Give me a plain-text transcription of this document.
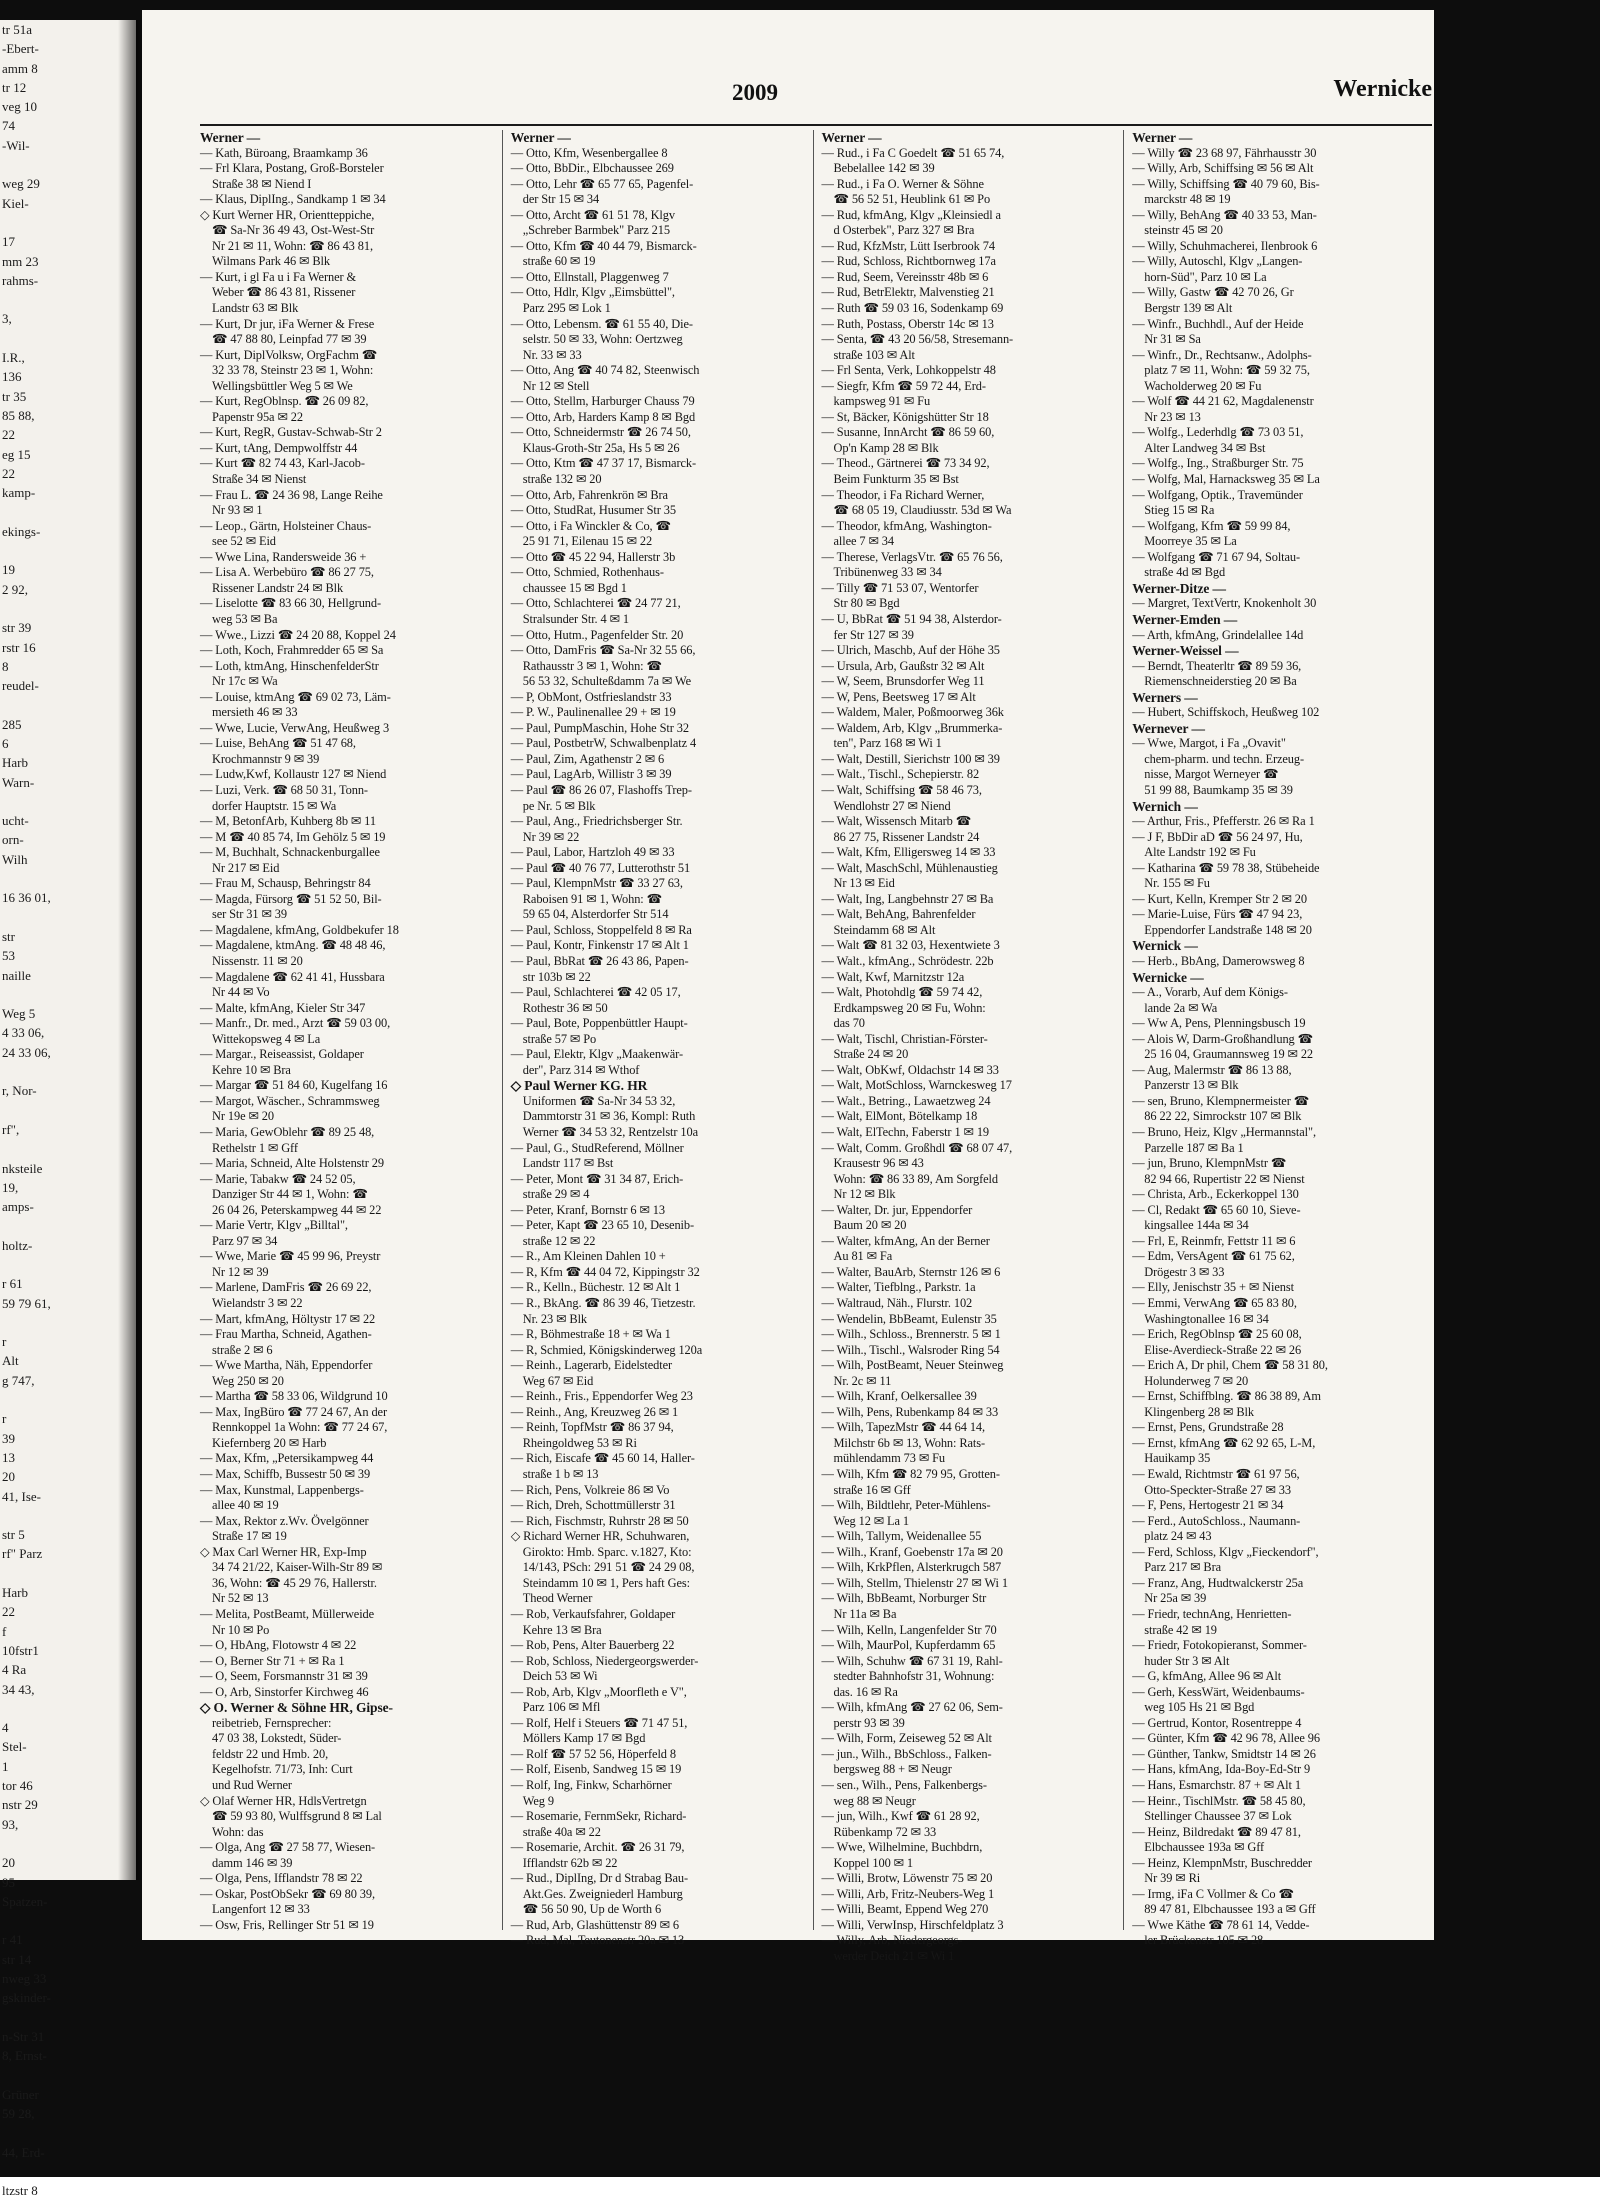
tr 51a
-Ebert-
amm 8
tr 12
veg 10
74
-Wil-

weg 29
Kiel-

17
mm 23
rahms-

3,

I.R.,
136
tr 35
85 88,
22
eg 15
22
kamp-

ekings-

19
2 92,

str 39
rstr 16
8
reudel-

285
6
Harb
Warn-

ucht-
orn-
Wilh

16 36 01,

str
53
naille

Weg 5
4 33 06,
24 33 06,

r, Nor-

rf",

nksteile
19,
amps-

holtz-

r 61
59 79 61,

r
Alt
g 747,

r
39
13
20
41, Ise-

str 5
rf" Parz

Harb
22
f
10fstr1
4 Ra
34 43,

4
Stel-
1
tor 46
nstr 29
93,

20
95
Spatzen-

r 41
str 14
nweg 33
gskinder-

n-Str 31
8, Ernst-

Grüner
59 28,

44, Erd-

ltzstr 8
2009	Wernicke
Werner —
— Kath, Büroang, Braamkamp 36
— Frl Klara, Postang, Groß-Borsteler
Straße 38 ✉ Niend I
— Klaus, DiplIng., Sandkamp 1 ✉ 34
◇ Kurt Werner HR, Orientteppiche,
☎ Sa-Nr 36 49 43, Ost-West-Str
Nr 21 ✉ 11, Wohn: ☎ 86 43 81,
Wilmans Park 46 ✉ Blk
— Kurt, i gl Fa u i Fa Werner &
Weber ☎ 86 43 81, Rissener
Landstr 63 ✉ Blk
— Kurt, Dr jur, iFa Werner & Frese
☎ 47 88 80, Leinpfad 77 ✉ 39
— Kurt, DiplVolksw, OrgFachm ☎
32 33 78, Steinstr 23 ✉ 1, Wohn:
Wellingsbüttler Weg 5 ✉ We
— Kurt, RegOblnsp. ☎ 26 09 82,
Papenstr 95a ✉ 22
— Kurt, RegR, Gustav-Schwab-Str 2
— Kurt, tAng, Dempwolffstr 44
— Kurt ☎ 82 74 43, Karl-Jacob-
Straße 34 ✉ Nienst
— Frau L. ☎ 24 36 98, Lange Reihe
Nr 93 ✉ 1
— Leop., Gärtn, Holsteiner Chaus-
see 52 ✉ Eid
— Wwe Lina, Randersweide 36 +
— Lisa A. Werbebüro ☎ 86 27 75,
Rissener Landstr 24 ✉ Blk
— Liselotte ☎ 83 66 30, Hellgrund-
weg 53 ✉ Ba
— Wwe., Lizzi ☎ 24 20 88, Koppel 24
— Loth, Koch, Frahmredder 65 ✉ Sa
— Loth, ktmAng, HinschenfelderStr
Nr 17c ✉ Wa
— Louise, ktmAng ☎ 69 02 73, Läm-
mersieth 46 ✉ 33
— Wwe, Lucie, VerwAng, Heußweg 3
— Luise, BehAng ☎ 51 47 68,
Krochmannstr 9 ✉ 39
— Ludw,Kwf, Kollaustr 127 ✉ Niend
— Luzi, Verk. ☎ 68 50 31, Tonn-
dorfer Hauptstr. 15 ✉ Wa
— M, BetonfArb, Kuhberg 8b ✉ 11
— M ☎ 40 85 74, Im Gehölz 5 ✉ 19
— M, Buchhalt, Schnackenburgallee
Nr 217 ✉ Eid
— Frau M, Schausp, Behringstr 84
— Magda, Fürsorg ☎ 51 52 50, Bil-
ser Str 31 ✉ 39
— Magdalene, kfmAng, Goldbekufer 18
— Magdalene, ktmAng. ☎ 48 48 46,
Nissenstr. 11 ✉ 20
— Magdalene ☎ 62 41 41, Hussbara
Nr 44 ✉ Vo
— Malte, kfmAng, Kieler Str 347
— Manfr., Dr. med., Arzt ☎ 59 03 00,
Wittekopsweg 4 ✉ La
— Margar., Reiseassist, Goldaper
Kehre 10 ✉ Bra
— Margar ☎ 51 84 60, Kugelfang 16
— Margot, Wäscher., Schrammsweg
Nr 19e ✉ 20
— Maria, GewOblehr ☎ 89 25 48,
Rethelstr 1 ✉ Gff
— Maria, Schneid, Alte Holstenstr 29
— Marie, Tabakw ☎ 24 52 05,
Danziger Str 44 ✉ 1, Wohn: ☎
26 04 26, Peterskampweg 44 ✉ 22
— Marie Vertr, Klgv „Billtal",
Parz 97 ✉ 34
— Wwe, Marie ☎ 45 99 96, Preystr
Nr 12 ✉ 39
— Marlene, DamFris ☎ 26 69 22,
Wielandstr 3 ✉ 22
— Mart, kfmAng, Höltystr 17 ✉ 22
— Frau Martha, Schneid, Agathen-
straße 2 ✉ 6
— Wwe Martha, Näh, Eppendorfer
Weg 250 ✉ 20
— Martha ☎ 58 33 06, Wildgrund 10
— Max, IngBüro ☎ 77 24 67, An der
Rennkoppel 1a Wohn: ☎ 77 24 67,
Kiefernberg 20 ✉ Harb
— Max, Kfm, „Petersikampweg 44
— Max, Schiffb, Bussestr 50 ✉ 39
— Max, Kunstmal, Lappenbergs-
allee 40 ✉ 19
— Max, Rektor z.Wv. Övelgönner
Straße 17 ✉ 19
◇ Max Carl Werner HR, Exp-Imp
34 74 21/22, Kaiser-Wilh-Str 89 ✉
36, Wohn: ☎ 45 29 76, Hallerstr.
Nr 52 ✉ 13
— Melita, PostBeamt, Müllerweide
Nr 10 ✉ Po
— O, HbAng, Flotowstr 4 ✉ 22
— O, Berner Str 71 + ✉ Ra 1
— O, Seem, Forsmannstr 31 ✉ 39
— O, Arb, Sinstorfer Kirchweg 46
◇ O. Werner & Söhne HR, Gipse-
reibetrieb, Fernsprecher:
47 03 38, Lokstedt, Süder-
feldstr 22 und Hmb. 20,
Kegelhofstr. 71/73, Inh: Curt
und Rud Werner
◇ Olaf Werner HR, HdlsVertretgn
☎ 59 93 80, Wulffsgrund 8 ✉ Lal
Wohn: das
— Olga, Ang ☎ 27 58 77, Wiesen-
damm 146 ✉ 39
— Olga, Pens, Ifflandstr 78 ✉ 22
— Oskar, PostObSekr ☎ 69 80 39,
Langenfort 12 ✉ 33
— Osw, Fris, Rellinger Str 51 ✉ 19
Werner —
— Otto, Kfm, Wesenbergallee 8
— Otto, BbDir., Elbchaussee 269
— Otto, Lehr ☎ 65 77 65, Pagenfel-
der Str 15 ✉ 34
— Otto, Archt ☎ 61 51 78, Klgv
„Schreber Barmbek" Parz 215
— Otto, Kfm ☎ 40 44 79, Bismarck-
straße 60 ✉ 19
— Otto, Ellnstall, Plaggenweg 7
— Otto, Hdlr, Klgv „Eimsbüttel",
Parz 295 ✉ Lok 1
— Otto, Lebensm. ☎ 61 55 40, Die-
selstr. 50 ✉ 33, Wohn: Oertzweg
Nr. 33 ✉ 33
— Otto, Ang ☎ 40 74 82, Steenwisch
Nr 12 ✉ Stell
— Otto, Stellm, Harburger Chauss 79
— Otto, Arb, Harders Kamp 8 ✉ Bgd
— Otto, Schneidermstr ☎ 26 74 50,
Klaus-Groth-Str 25a, Hs 5 ✉ 26
— Otto, Ktm ☎ 47 37 17, Bismarck-
straße 132 ✉ 20
— Otto, Arb, Fahrenkrön ✉ Bra
— Otto, StudRat, Husumer Str 35
— Otto, i Fa Winckler & Co, ☎
25 91 71, Eilenau 15 ✉ 22
— Otto ☎ 45 22 94, Hallerstr 3b
— Otto, Schmied, Rothenhaus-
chaussee 15 ✉ Bgd 1
— Otto, Schlachterei ☎ 24 77 21,
Stralsunder Str. 4 ✉ 1
— Otto, Hutm., Pagenfelder Str. 20
— Otto, DamFris ☎ Sa-Nr 32 55 66,
Rathausstr 3 ✉ 1, Wohn: ☎
56 53 32, Schulteßdamm 7a ✉ We
— P, ObMont, Ostfrieslandstr 33
— P. W., Paulinenallee 29 + ✉ 19
— Paul, PumpMaschin, Hohe Str 32
— Paul, PostbetrW, Schwalbenplatz 4
— Paul, Zim, Agathenstr 2 ✉ 6
— Paul, LagArb, Willistr 3 ✉ 39
— Paul ☎ 86 26 07, Flashoffs Trep-
pe Nr. 5 ✉ Blk
— Paul, Ang., Friedrichsberger Str.
Nr 39 ✉ 22
— Paul, Labor, Hartzloh 49 ✉ 33
— Paul ☎ 40 76 77, Lutterothstr 51
— Paul, KlempnMstr ☎ 33 27 63,
Raboisen 91 ✉ 1, Wohn: ☎
59 65 04, Alsterdorfer Str 514
— Paul, Schloss, Stoppelfeld 8 ✉ Ra
— Paul, Kontr, Finkenstr 17 ✉ Alt 1
— Paul, BbRat ☎ 26 43 86, Papen-
str 103b ✉ 22
— Paul, Schlachterei ☎ 42 05 17,
Rothestr 36 ✉ 50
— Paul, Bote, Poppenbüttler Haupt-
straße 57 ✉ Po
— Paul, Elektr, Klgv „Maakenwär-
der", Parz 314 ✉ Wthof
◇ Paul Werner KG. HR
Uniformen ☎ Sa-Nr 34 53 32,
Dammtorstr 31 ✉ 36, Kompl: Ruth
Werner ☎ 34 53 32, Rentzelstr 10a
— Paul, G., StudReferend, Möllner
Landstr 117 ✉ Bst
— Peter, Mont ☎ 31 34 87, Erich-
straße 29 ✉ 4
— Peter, Kranf, Bornstr 6 ✉ 13
— Peter, Kapt ☎ 23 65 10, Desenib-
straße 12 ✉ 22
— R., Am Kleinen Dahlen 10 +
— R, Kfm ☎ 44 04 72, Kippingstr 32
— R., Kelln., Büchestr. 12 ✉ Alt 1
— R., BkAng. ☎ 86 39 46, Tietzestr.
Nr. 23 ✉ Blk
— R, Böhmestraße 18 + ✉ Wa 1
— R, Schmied, Königskinderweg 120a
— Reinh., Lagerarb, Eidelstedter
Weg 67 ✉ Eid
— Reinh., Fris., Eppendorfer Weg 23
— Reinh., Ang, Kreuzweg 26 ✉ 1
— Reinh, TopfMstr ☎ 86 37 94,
Rheingoldweg 53 ✉ Ri
— Rich, Eiscafe ☎ 45 60 14, Haller-
straße 1 b ✉ 13
— Rich, Pens, Volkreie 86 ✉ Vo
— Rich, Dreh, Schottmüllerstr 31
— Rich, Fischmstr, Ruhrstr 28 ✉ 50
◇ Richard Werner HR, Schuhwaren,
Girokto: Hmb. Sparc. v.1827, Kto:
14/143, PSch: 291 51 ☎ 24 29 08,
Steindamm 10 ✉ 1, Pers haft Ges:
Theod Werner
— Rob, Verkaufsfahrer, Goldaper
Kehre 13 ✉ Bra
— Rob, Pens, Alter Bauerberg 22
— Rob, Schloss, Niedergeorgswerder-
Deich 53 ✉ Wi
— Rob, Arb, Klgv „Moorfleth e V",
Parz 106 ✉ Mfl
— Rolf, Helf i Steuers ☎ 71 47 51,
Möllers Kamp 17 ✉ Bgd
— Rolf ☎ 57 52 56, Höperfeld 8
— Rolf, Eisenb, Sandweg 15 ✉ 19
— Rolf, Ing, Finkw, Scharhörner
Weg 9
— Rosemarie, FernmSekr, Richard-
straße 40a ✉ 22
— Rosemarie, Archit. ☎ 26 31 79,
Ifflandstr 62b ✉ 22
— Rud., DiplIng, Dr d Strabag Bau-
Akt.Ges. Zweigniederl Hamburg
☎ 56 50 90, Up de Worth 6
— Rud, Arb, Glashüttenstr 89 ✉ 6
— Rud, Mal, Teutonenstr 20a ✉ 13
Werner —
— Rud., i Fa C Goedelt ☎ 51 65 74,
Bebelallee 142 ✉ 39
— Rud., i Fa O. Werner & Söhne
☎ 56 52 51, Heublink 61 ✉ Po
— Rud, kfmAng, Klgv „Kleinsiedl a
d Osterbek", Parz 327 ✉ Bra
— Rud, KfzMstr, Lütt Iserbrook 74
— Rud, Schloss, Richtbornweg 17a
— Rud, Seem, Vereinsstr 48b ✉ 6
— Rud, BetrElektr, Malvenstieg 21
— Ruth ☎ 59 03 16, Sodenkamp 69
— Ruth, Postass, Oberstr 14c ✉ 13
— Senta, ☎ 43 20 56/58, Stresemann-
straße 103 ✉ Alt
— Frl Senta, Verk, Lohkoppelstr 48
— Siegfr, Kfm ☎ 59 72 44, Erd-
kampsweg 91 ✉ Fu
— St, Bäcker, Königshütter Str 18
— Susanne, InnArcht ☎ 86 59 60,
Op'n Kamp 28 ✉ Blk
— Theod., Gärtnerei ☎ 73 34 92,
Beim Funkturm 35 ✉ Bst
— Theodor, i Fa Richard Werner,
☎ 68 05 19, Claudiusstr. 53d ✉ Wa
— Theodor, kfmAng, Washington-
allee 7 ✉ 34
— Therese, VerlagsVtr. ☎ 65 76 56,
Tribünenweg 33 ✉ 34
— Tilly ☎ 71 53 07, Wentorfer
Str 80 ✉ Bgd
— U, BbRat ☎ 51 94 38, Alsterdor-
fer Str 127 ✉ 39
— Ulrich, Maschb, Auf der Höhe 35
— Ursula, Arb, Gaußstr 32 ✉ Alt
— W, Seem, Brunsdorfer Weg 11
— W, Pens, Beetsweg 17 ✉ Alt
— Waldem, Maler, Poßmoorweg 36k
— Waldem, Arb, Klgv „Brummerka-
ten", Parz 168 ✉ Wi 1
— Walt, Destill, Sierichstr 100 ✉ 39
— Walt., Tischl., Schepierstr. 82
— Walt, Schiffsing ☎ 58 46 73,
Wendlohstr 27 ✉ Niend
— Walt, Wissensch Mitarb ☎
86 27 75, Rissener Landstr 24
— Walt, Kfm, Elligersweg 14 ✉ 33
— Walt, MaschSchl, Mühlenaustieg
Nr 13 ✉ Eid
— Walt, Ing, Langbehnstr 27 ✉ Ba
— Walt, BehAng, Bahrenfelder
Steindamm 68 ✉ Alt
— Walt ☎ 81 32 03, Hexentwiete 3
— Walt., kfmAng., Schrödestr. 22b
— Walt, Kwf, Marnitzstr 12a
— Walt, Photohdlg ☎ 59 74 42,
Erdkampsweg 20 ✉ Fu, Wohn:
das 70
— Walt, Tischl, Christian-Förster-
Straße 24 ✉ 20
— Walt, ObKwf, Oldachstr 14 ✉ 33
— Walt, MotSchloss, Warnckesweg 17
— Walt., Betring., Lawaetzweg 24
— Walt, ElMont, Bötelkamp 18
— Walt, ElTechn, Faberstr 1 ✉ 19
— Walt, Comm. Großhdl ☎ 68 07 47,
Krausestr 96 ✉ 43
Wohn: ☎ 86 33 89, Am Sorgfeld
Nr 12 ✉ Blk
— Walter, Dr. jur, Eppendorfer
Baum 20 ✉ 20
— Walter, kfmAng, An der Berner
Au 81 ✉ Fa
— Walter, BauArb, Sternstr 126 ✉ 6
— Walter, Tiefblng., Parkstr. 1a
— Waltraud, Näh., Flurstr. 102
— Wendelin, BbBeamt, Eulenstr 35
— Wilh., Schloss., Brennerstr. 5 ✉ 1
— Wilh., Tischl., Walsroder Ring 54
— Wilh, PostBeamt, Neuer Steinweg
Nr. 2c ✉ 11
— Wilh, Kranf, Oelkersallee 39
— Wilh, Pens, Rubenkamp 84 ✉ 33
— Wilh, TapezMstr ☎ 44 64 14,
Milchstr 6b ✉ 13, Wohn: Rats-
mühlendamm 73 ✉ Fu
— Wilh, Kfm ☎ 82 79 95, Grotten-
straße 16 ✉ Gff
— Wilh, Bildtlehr, Peter-Mühlens-
Weg 12 ✉ La 1
— Wilh, Tallym, Weidenallee 55
— Wilh., Kranf, Goebenstr 17a ✉ 20
— Wilh, KrkPflen, Alsterkrugch 587
— Wilh, Stellm, Thielenstr 27 ✉ Wi 1
— Wilh, BbBeamt, Norburger Str
Nr 11a ✉ Ba
— Wilh, Kelln, Langenfelder Str 70
— Wilh, MaurPol, Kupferdamm 65
— Wilh, Schuhw ☎ 67 31 19, Rahl-
stedter Bahnhofstr 31, Wohnung:
das. 16 ✉ Ra
— Wilh, kfmAng ☎ 27 62 06, Sem-
perstr 93 ✉ 39
— Wilh, Form, Zeiseweg 52 ✉ Alt
— jun., Wilh., BbSchloss., Falken-
bergsweg 88 + ✉ Neugr
— sen., Wilh., Pens, Falkenbergs-
weg 88 ✉ Neugr
— jun, Wilh., Kwf ☎ 61 28 92,
Rübenkamp 72 ✉ 33
— Wwe, Wilhelmine, Buchbdrn,
Koppel 100 ✉ 1
— Willi, Brotw, Löwenstr 75 ✉ 20
— Willi, Arb, Fritz-Neubers-Weg 1
— Willi, Beamt, Eppend Weg 270
— Willi, VerwInsp, Hirschfeldplatz 3
— Willy, Arb, Niedergeorgs-
werder Deich 21 ✉ Wi 1
Werner —
— Willy ☎ 23 68 97, Fährhausstr 30
— Willy, Arb, Schiffsing ✉ 56 ✉ Alt
— Willy, Schiffsing ☎ 40 79 60, Bis-
marckstr 48 ✉ 19
— Willy, BehAng ☎ 40 33 53, Man-
steinstr 45 ✉ 20
— Willy, Schuhmacherei, Ilenbrook 6
— Willy, Autoschl, Klgv „Langen-
horn-Süd", Parz 10 ✉ La
— Willy, Gastw ☎ 42 70 26, Gr
Bergstr 139 ✉ Alt
— Winfr., Buchhdl., Auf der Heide
Nr 31 ✉ Sa
— Winfr., Dr., Rechtsanw., Adolphs-
platz 7 ✉ 11, Wohn: ☎ 59 32 75,
Wacholderweg 20 ✉ Fu
— Wolf ☎ 44 21 62, Magdalenenstr
Nr 23 ✉ 13
— Wolfg., Lederhdlg ☎ 73 03 51,
Alter Landweg 34 ✉ Bst
— Wolfg., Ing., Straßburger Str. 75
— Wolfg, Mal, Harnacksweg 35 ✉ La
— Wolfgang, Optik., Travemünder
Stieg 15 ✉ Ra
— Wolfgang, Kfm ☎ 59 99 84,
Moorreye 35 ✉ La
— Wolfgang ☎ 71 67 94, Soltau-
straße 4d ✉ Bgd
Werner-Ditze —
— Margret, TextVertr, Knokenholt 30
Werner-Emden —
— Arth, kfmAng, Grindelallee 14d
Werner-Weissel —
— Berndt, Theaterltr ☎ 89 59 36,
Riemenschneiderstieg 20 ✉ Ba
Werners —
— Hubert, Schiffskoch, Heußweg 102
Wernever —
— Wwe, Margot, i Fa „Ovavit"
chem-pharm. und techn. Erzeug-
nisse, Margot Werneyer ☎
51 99 88, Baumkamp 35 ✉ 39
Wernich —
— Arthur, Fris., Pfefferstr. 26 ✉ Ra 1
— J F, BbDir aD ☎ 56 24 97, Hu,
Alte Landstr 192 ✉ Fu
— Katharina ☎ 59 78 38, Stübeheide
Nr. 155 ✉ Fu
— Kurt, Kelln, Kremper Str 2 ✉ 20
— Marie-Luise, Fürs ☎ 47 94 23,
Eppendorfer Landstraße 148 ✉ 20
Wernick —
— Herb., BbAng, Damerowsweg 8
Wernicke —
— A., Vorarb, Auf dem Königs-
lande 2a ✉ Wa
— Ww A, Pens, Plenningsbusch 19
— Alois W, Darm-Großhandlung ☎
25 16 04, Graumannsweg 19 ✉ 22
— Aug, Malermstr ☎ 86 13 88,
Panzerstr 13 ✉ Blk
— sen, Bruno, Klempnermeister ☎
86 22 22, Simrockstr 107 ✉ Blk
— Bruno, Heiz, Klgv „Hermannstal",
Parzelle 187 ✉ Ba 1
— jun, Bruno, KlempnMstr ☎
82 94 66, Rupertistr 22 ✉ Nienst
— Christa, Arb., Eckerkoppel 130
— Cl, Redakt ☎ 65 60 10, Sieve-
kingsallee 144a ✉ 34
— Frl, E, Reinmfr, Fettstr 11 ✉ 6
— Edm, VersAgent ☎ 61 75 62,
Drögestr 3 ✉ 33
— Elly, Jenischstr 35 + ✉ Nienst
— Emmi, VerwAng ☎ 65 83 80,
Washingtonallee 16 ✉ 34
— Erich, RegOblnsp ☎ 25 60 08,
Elise-Averdieck-Straße 22 ✉ 26
— Erich A, Dr phil, Chem ☎ 58 31 80,
Holunderweg 7 ✉ 20
— Ernst, Schiffblng. ☎ 86 38 89, Am
Klingenberg 28 ✉ Blk
— Ernst, Pens, Grundstraße 28
— Ernst, kfmAng ☎ 62 92 65, L-M,
Hauikamp 35
— Ewald, Richtmstr ☎ 61 97 56,
Otto-Speckter-Straße 27 ✉ 33
— F, Pens, Hertogestr 21 ✉ 34
— Ferd., AutoSchloss., Naumann-
platz 24 ✉ 43
— Ferd, Schloss, Klgv „Fieckendorf",
Parz 217 ✉ Bra
— Franz, Ang, Hudtwalckerstr 25a
Nr 25a ✉ 39
— Friedr, technAng, Henrietten-
straße 42 ✉ 19
— Friedr, Fotokopieranst, Sommer-
huder Str 3 ✉ Alt
— G, kfmAng, Allee 96 ✉ Alt
— Gerh, KessWärt, Weidenbaums-
weg 105 Hs 21 ✉ Bgd
— Gertrud, Kontor, Rosentreppe 4
— Günter, Kfm ☎ 42 96 78, Allee 96
— Günther, Tankw, Smidtstr 14 ✉ 26
— Hans, kfmAng, Ida-Boy-Ed-Str 9
— Hans, Esmarchstr. 87 + ✉ Alt 1
— Heinr., TischlMstr. ☎ 58 45 80,
Stellinger Chaussee 37 ✉ Lok
— Heinz, Bildredakt ☎ 89 47 81,
Elbchaussee 193a ✉ Gff
— Heinz, KlempnMstr, Buschredder
Nr 39 ✉ Ri
— Irmg, iFa C Vollmer & Co ☎
89 47 81, Elbchaussee 193 a ✉ Gff
— Wwe Käthe ☎ 78 61 14, Vedde-
ler Brückenstr 105 ✉ 28
